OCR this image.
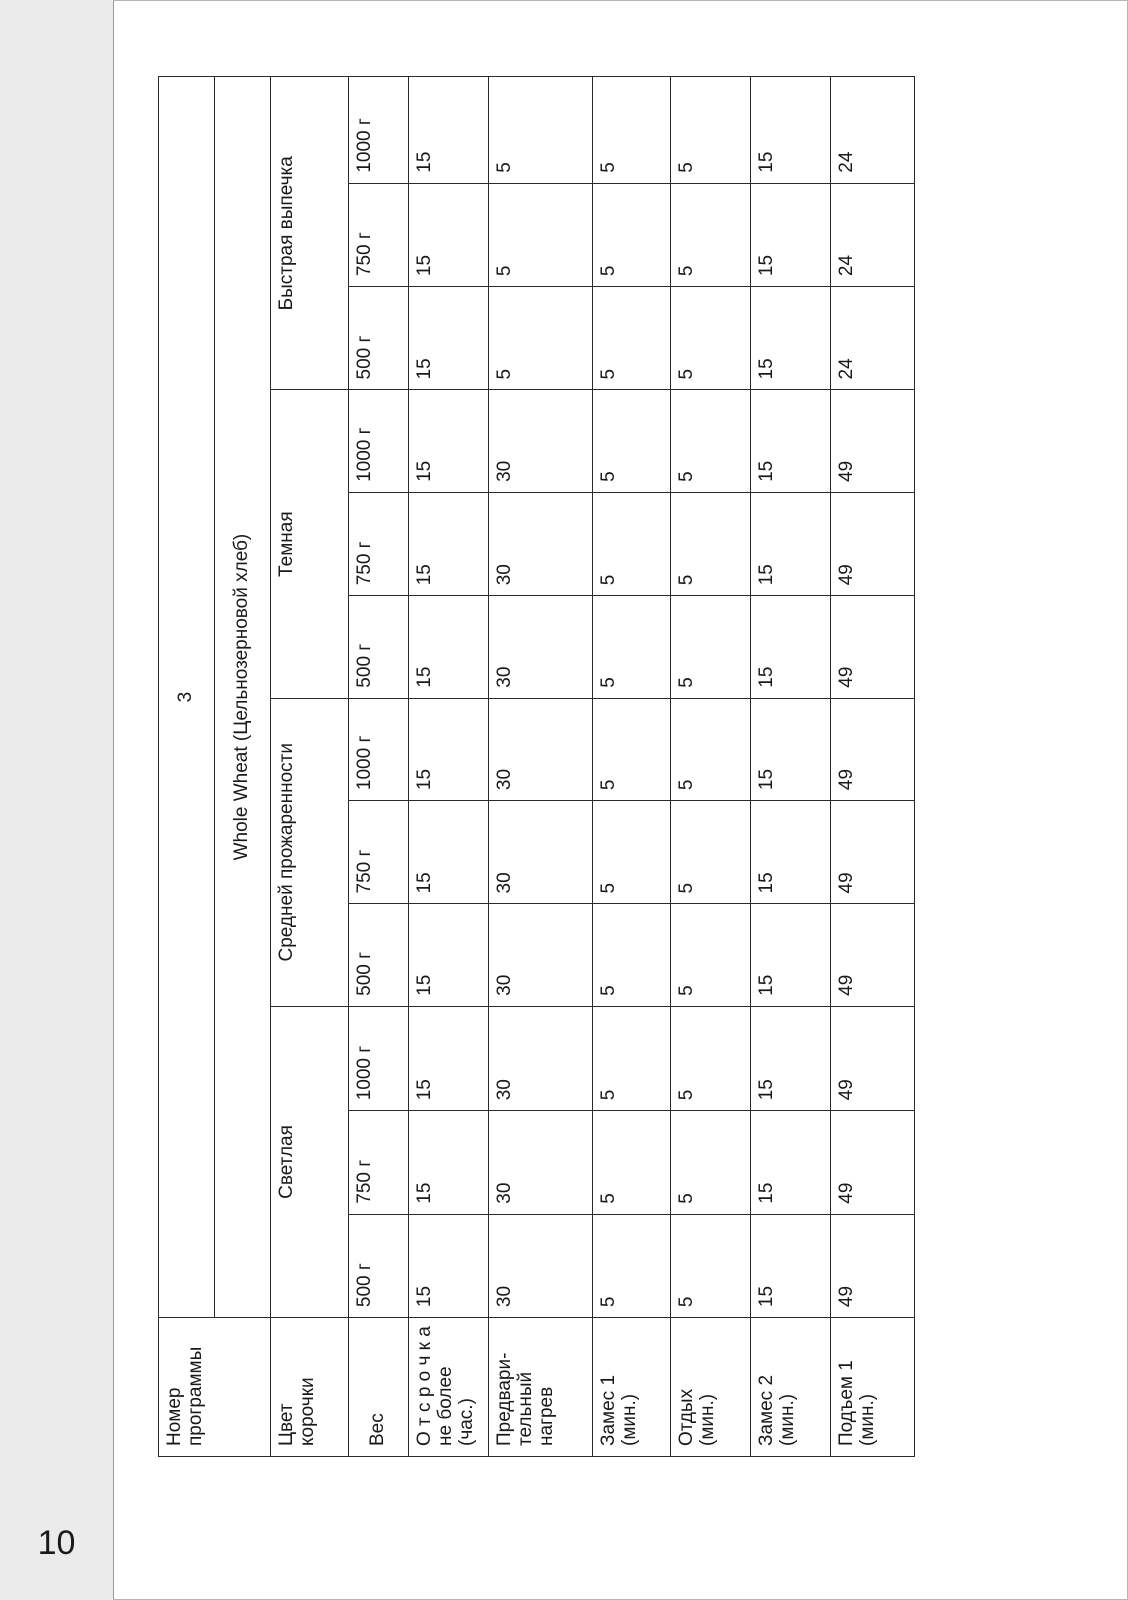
10
Номер программы	3											
	Whole Wheat (Цельнозерновой хлеб)											

Цвет корочки	Светлая			Средней прожаренности			Темная			Быстрая выпечка		
Вес	500 г	750 г	1000 г	500 г	750 г	1000 г	500 г	750 г	1000 г	500 г	750 г	1000 г

О т с р о ч к а не более (час.)	15	15	15	15	15	15	15	15	15	15	15	15

Предвари- тельный нагрев	30	30	30	30	30	30	30	30	30	5	5	5

Замес 1 (мин.)	5	5	5	5	5	5	5	5	5	5	5	5

Отдых (мин.)	5	5	5	5	5	5	5	5	5	5	5	5

Замес 2 (мин.)	15	15	15	15	15	15	15	15	15	15	15	15

Подъем 1 (мин.)	49	49	49	49	49	49	49	49	49	24	24	24
